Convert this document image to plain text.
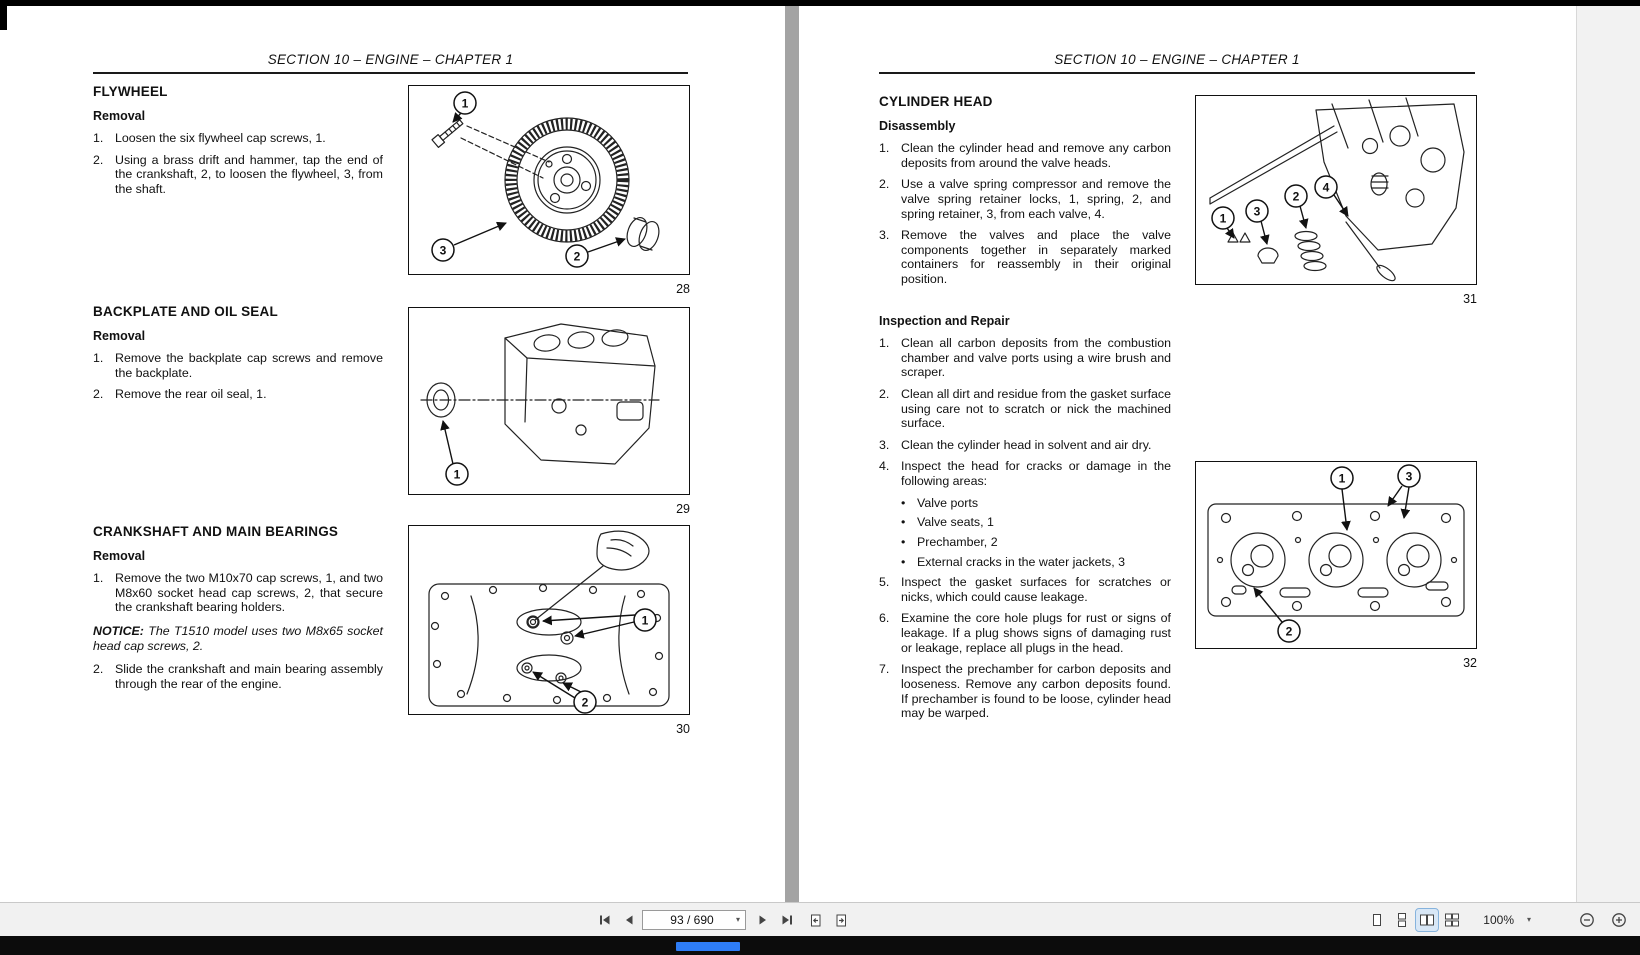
SECTION 10 – ENGINE – CHAPTER 1
FLYWHEEL
Removal
1. Loosen the six flywheel cap screws, 1.
2. Using a brass drift and hammer, tap the end of the crankshaft, 2, to loosen the flywheel, 3, from the shaft.
BACKPLATE AND OIL SEAL
Removal
1. Remove the backplate cap screws and remove the backplate.
2. Remove the rear oil seal, 1.
CRANKSHAFT AND MAIN BEARINGS
Removal
1. Remove the two M10x70 cap screws, 1, and two M8x60 socket head cap screws, 2, that secure the crankshaft bearing holders.

NOTICE: The T1510 model uses two M8x65 socket head cap screws, 2.

2. Slide the crankshaft and main bearing assembly through the rear of the engine.
1
3	2
28
1
29
1
2
30
SECTION 10 – ENGINE – CHAPTER 1
CYLINDER HEAD
Disassembly
1. Clean the cylinder head and remove any carbon deposits from around the valve heads.
2. Use a valve spring compressor and remove the valve spring retainer locks, 1, spring, 2, and spring retainer, 3, from each valve, 4.
3. Remove the valves and place the valve components together in separately marked containers for reassembly in their original position.
Inspection and Repair
1. Clean all carbon deposits from the combustion chamber and valve ports using a wire brush and scraper.
2. Clean all dirt and residue from the gasket surface using care not to scratch or nick the machined surface.
3. Clean the cylinder head in solvent and air dry.
4. Inspect the head for cracks or damage in the following areas:
• Valve ports
• Valve seats, 1
• Prechamber, 2
• External cracks in the water jackets, 3
5. Inspect the gasket surfaces for scratches or nicks, which could cause leakage.
6. Examine the core hole plugs for rust or signs of leakage. If a plug shows signs of damaging rust or leakage, replace all plugs in the head.
7. Inspect the prechamber for carbon deposits and looseness. Remove any carbon deposits found. If prechamber is found to be loose, cylinder head may be warped.
1 3
2
4
31
1	3
2
32
93 / 690	▾	100% ▾
